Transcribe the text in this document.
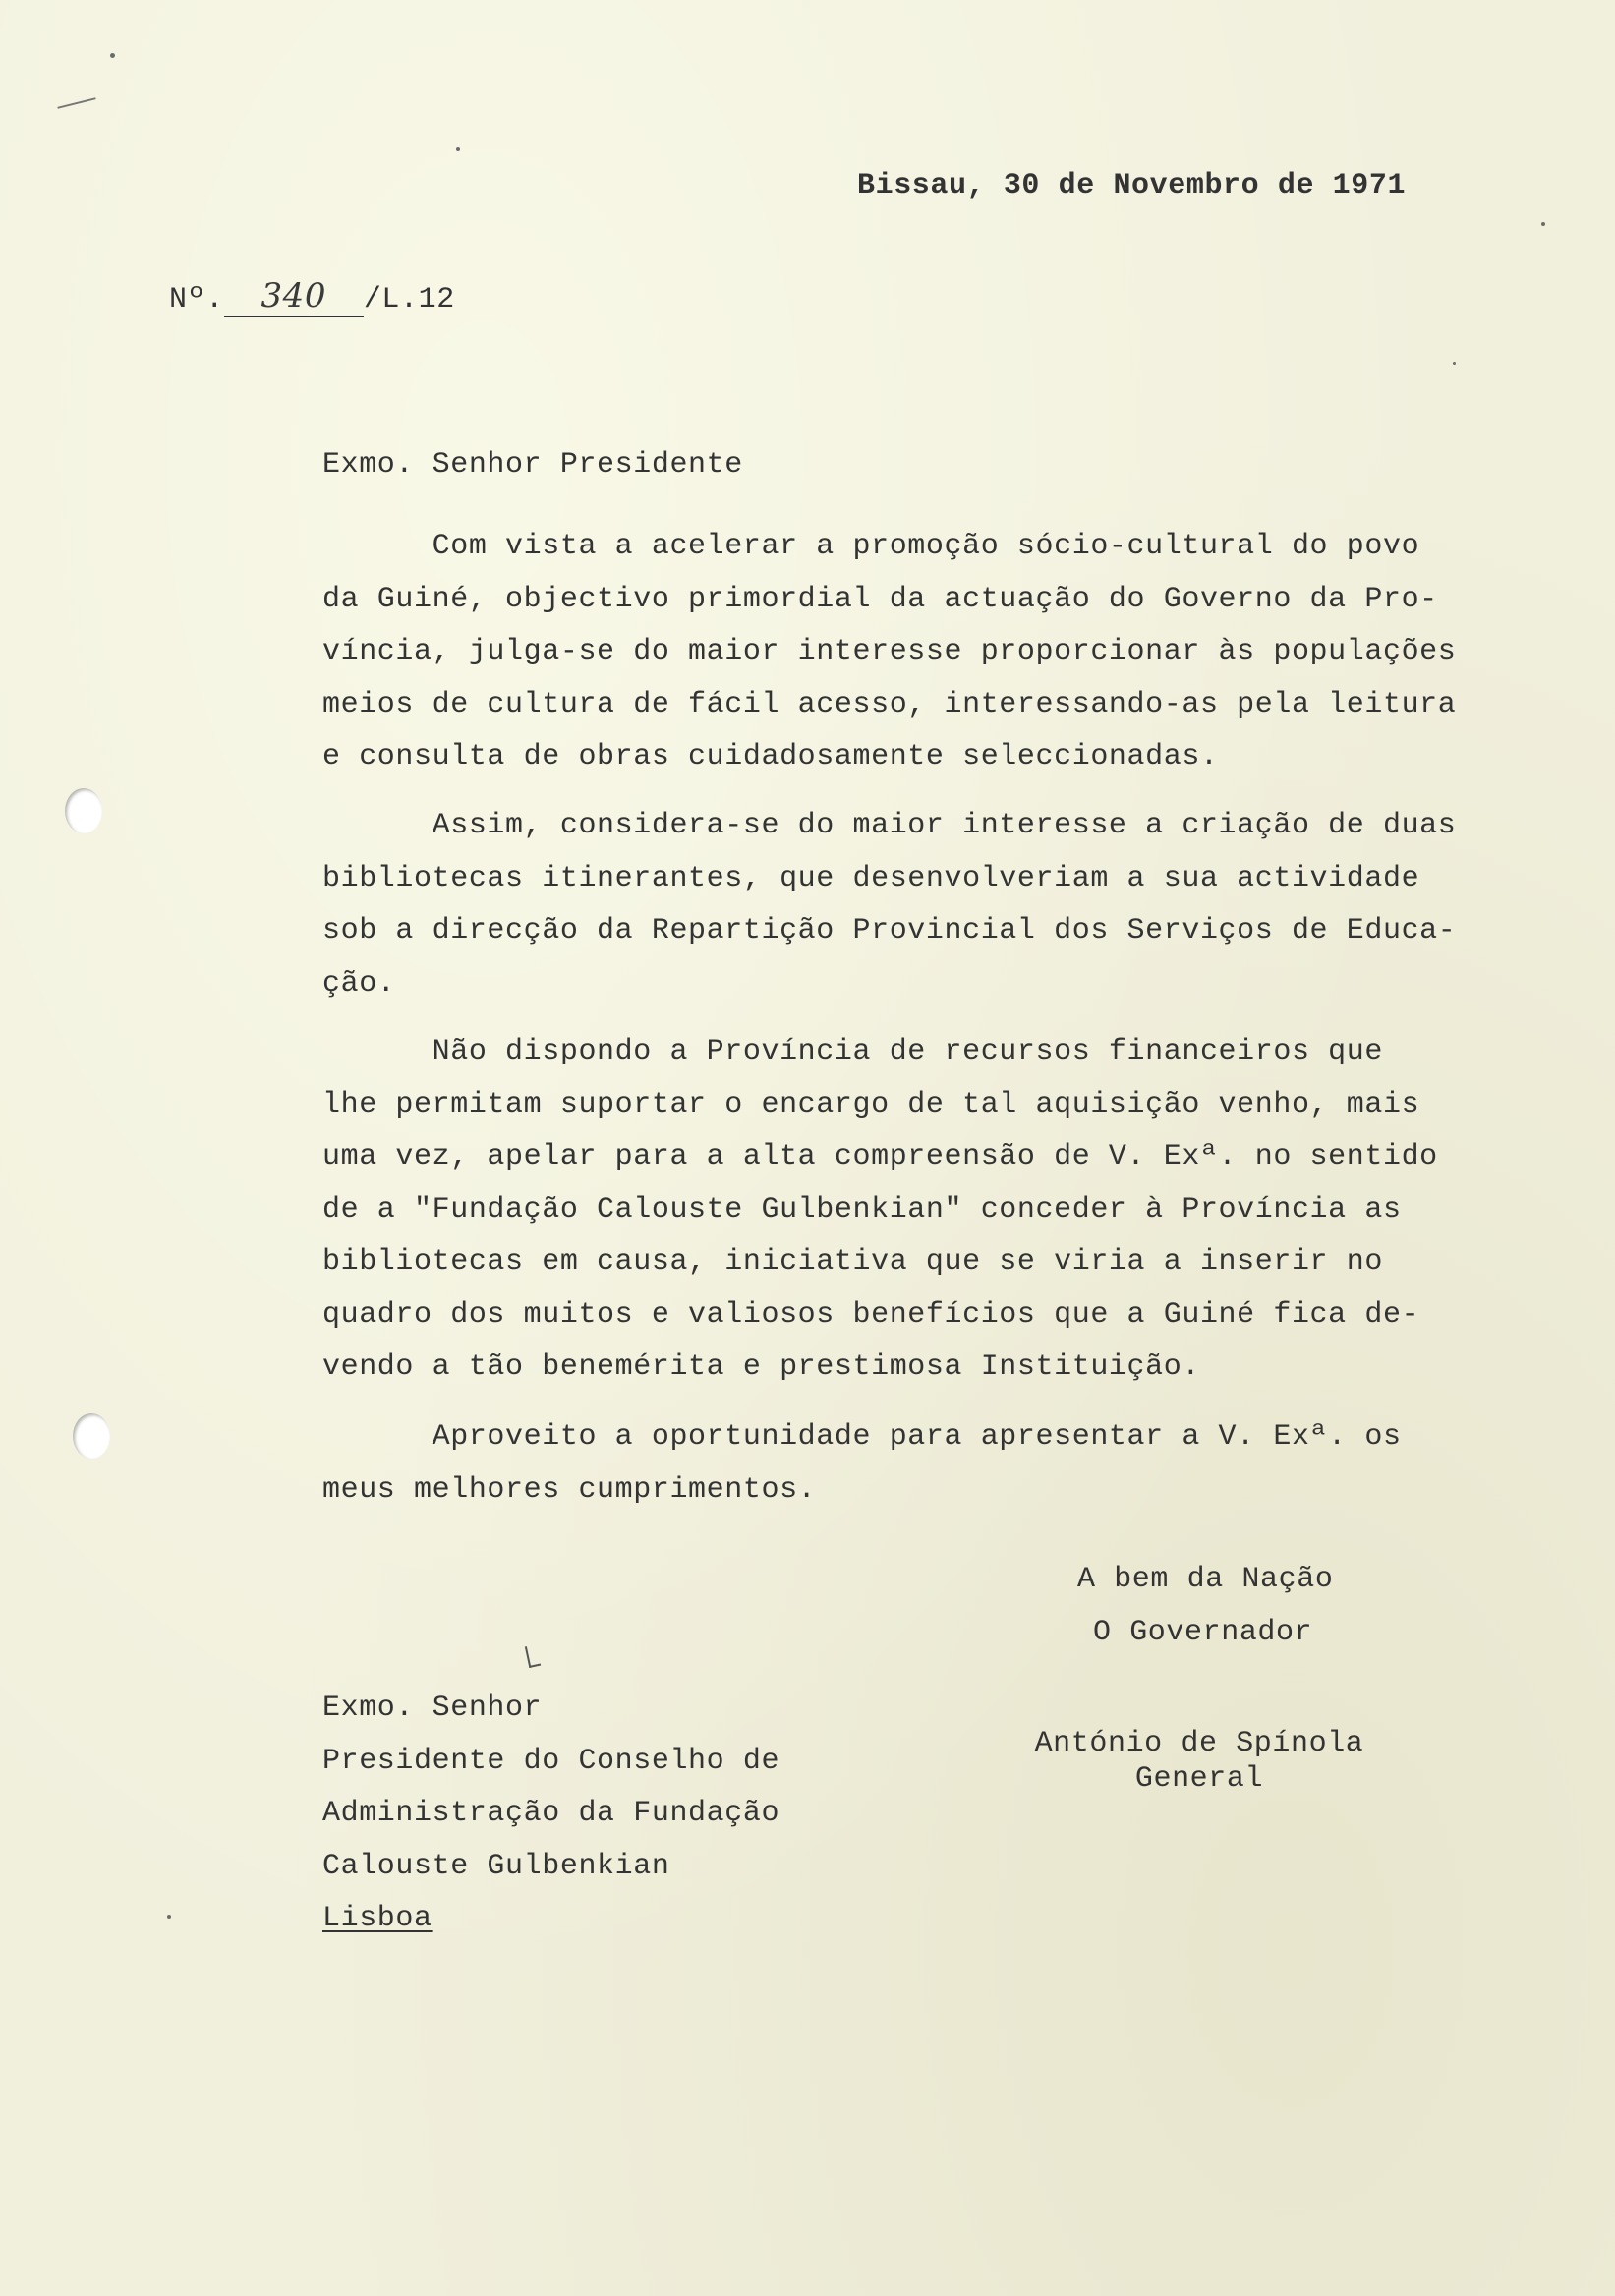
Bissau, 30 de Novembro de 1971
Nº. 340 /L.12
Exmo. Senhor Presidente
Com vista a acelerar a promoção sócio-cultural do povo
da Guiné, objectivo primordial da actuação do Governo da Pro-
víncia, julga-se do maior interesse proporcionar às populações
meios de cultura de fácil acesso, interessando-as pela leitura
e consulta de obras cuidadosamente seleccionadas.
Assim, considera-se do maior interesse a criação de duas
bibliotecas itinerantes, que desenvolveriam a sua actividade
sob a direcção da Repartição Provincial dos Serviços de Educa-
ção.
Não dispondo a Província de recursos financeiros que
lhe permitam suportar o encargo de tal aquisição venho, mais
uma vez, apelar para a alta compreensão de V. Exª. no sentido
de a "Fundação Calouste Gulbenkian" conceder à Província as
bibliotecas em causa, iniciativa que se viria a inserir no
quadro dos muitos e valiosos benefícios que a Guiné fica de-
vendo a tão benemérita e prestimosa Instituição.
Aproveito a oportunidade para apresentar a V. Exª. os
meus melhores cumprimentos.
A bem da Nação
O Governador
Exmo. Senhor
Presidente do Conselho de
Administração da Fundação
Calouste Gulbenkian
Lisboa
António de Spínola
General
